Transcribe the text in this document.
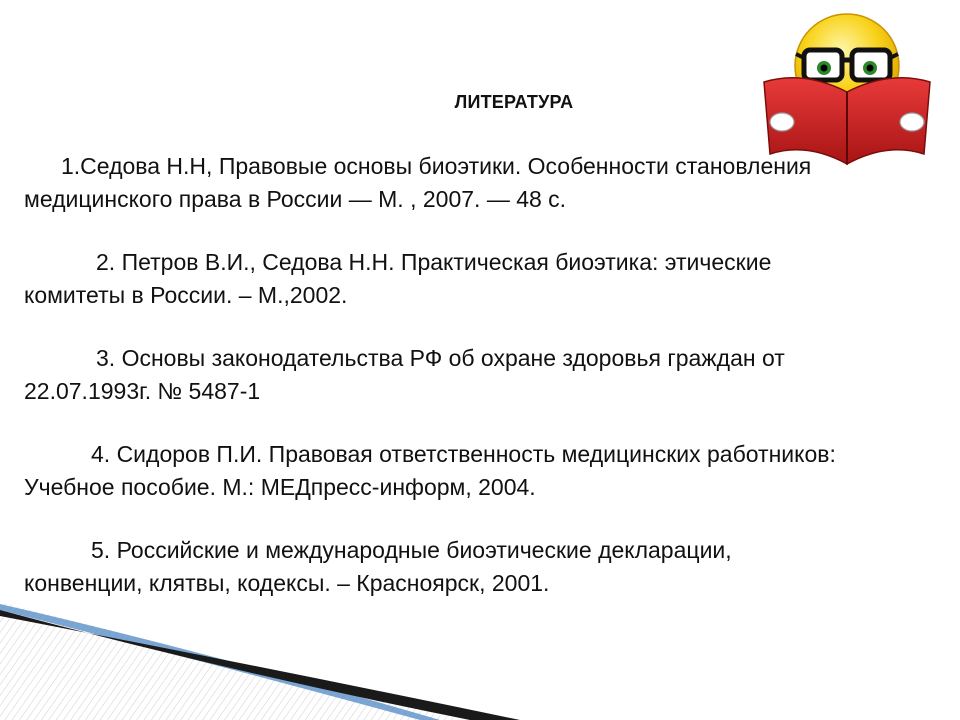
ЛИТЕРАТУРА
1.Седова Н.Н, Правовые основы биоэтики. Особенности становления
медицинского права в России — М. , 2007. — 48 с.
2. Петров В.И., Седова Н.Н. Практическая биоэтика: этические
комитеты в России. – М.,2002.
3. Основы законодательства РФ об охране здоровья граждан от
22.07.1993г. № 5487-1
4. Сидоров П.И. Правовая ответственность медицинских работников:
Учебное пособие. М.: МЕДпресс-информ, 2004.
5. Российские и международные биоэтические декларации,
конвенции, клятвы, кодексы. – Красноярск, 2001.
